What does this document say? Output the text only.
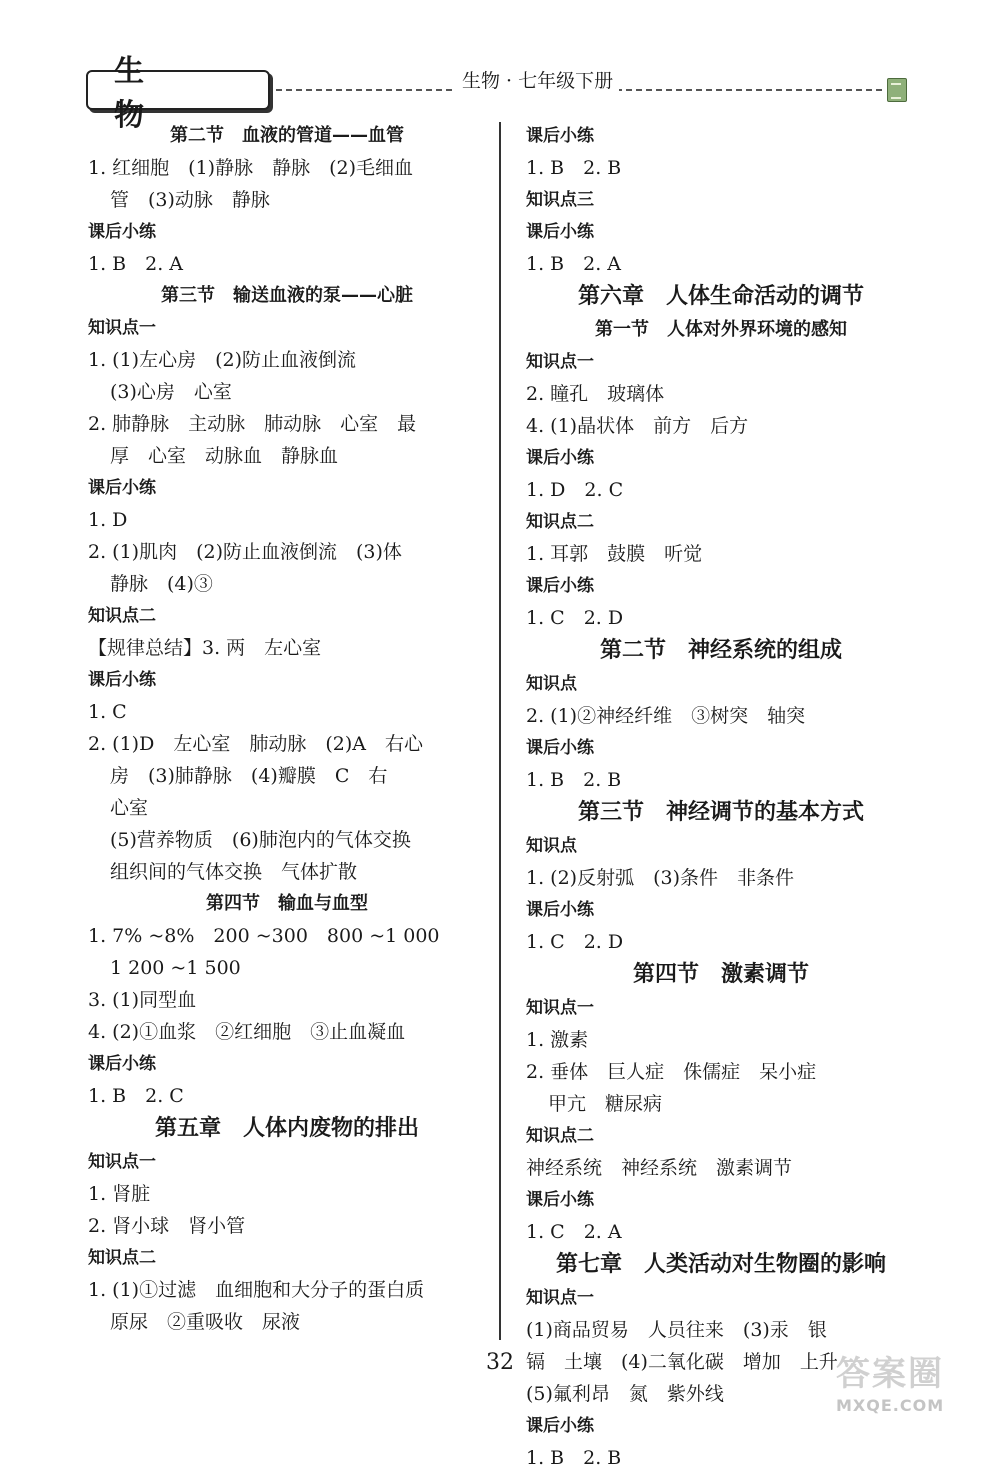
生 物
生物 · 七年级下册
第二节　血液的管道——血管
1. 红细胞　(1)静脉　静脉　(2)毛细血
管　(3)动脉　静脉
课后小练
1. B　2. A
第三节　输送血液的泵——心脏
知识点一
1. (1)左心房　(2)防止血液倒流
(3)心房　心室
2. 肺静脉　主动脉　肺动脉　心室　最
厚　心室　动脉血　静脉血
课后小练
1. D
2. (1)肌肉　(2)防止血液倒流　(3)体
静脉　(4)③
知识点二
【规律总结】3. 两　左心室
课后小练
1. C
2. (1)D　左心室　肺动脉　(2)A　右心
房　(3)肺静脉　(4)瓣膜　C　右
心室
(5)营养物质　(6)肺泡内的气体交换
组织间的气体交换　气体扩散
第四节　输血与血型
1. 7% ~8%　200 ~300　800 ~1 000
1 200 ~1 500
3. (1)同型血
4. (2)①血浆　②红细胞　③止血凝血
课后小练
1. B　2. C
第五章　人体内废物的排出
知识点一
1. 肾脏
2. 肾小球　肾小管
知识点二
1. (1)①过滤　血细胞和大分子的蛋白质
原尿　②重吸收　尿液
课后小练
1. B　2. B
知识点三
课后小练
1. B　2. A
第六章　人体生命活动的调节
第一节　人体对外界环境的感知
知识点一
2. 瞳孔　玻璃体
4. (1)晶状体　前方　后方
课后小练
1. D　2. C
知识点二
1. 耳郭　鼓膜　听觉
课后小练
1. C　2. D
第二节　神经系统的组成
知识点
2. (1)②神经纤维　③树突　轴突
课后小练
1. B　2. B
第三节　神经调节的基本方式
知识点
1. (2)反射弧　(3)条件　非条件
课后小练
1. C　2. D
第四节　激素调节
知识点一
1. 激素
2. 垂体　巨人症　侏儒症　呆小症
甲亢　糖尿病
知识点二
神经系统　神经系统　激素调节
课后小练
1. C　2. A
第七章　人类活动对生物圈的影响
知识点一
(1)商品贸易　人员往来　(3)汞　银
镉　土壤　(4)二氧化碳　增加　上升
(5)氟利昂　氮　紫外线
课后小练
1. B　2. B
32	答案圈
MXQE.COM
